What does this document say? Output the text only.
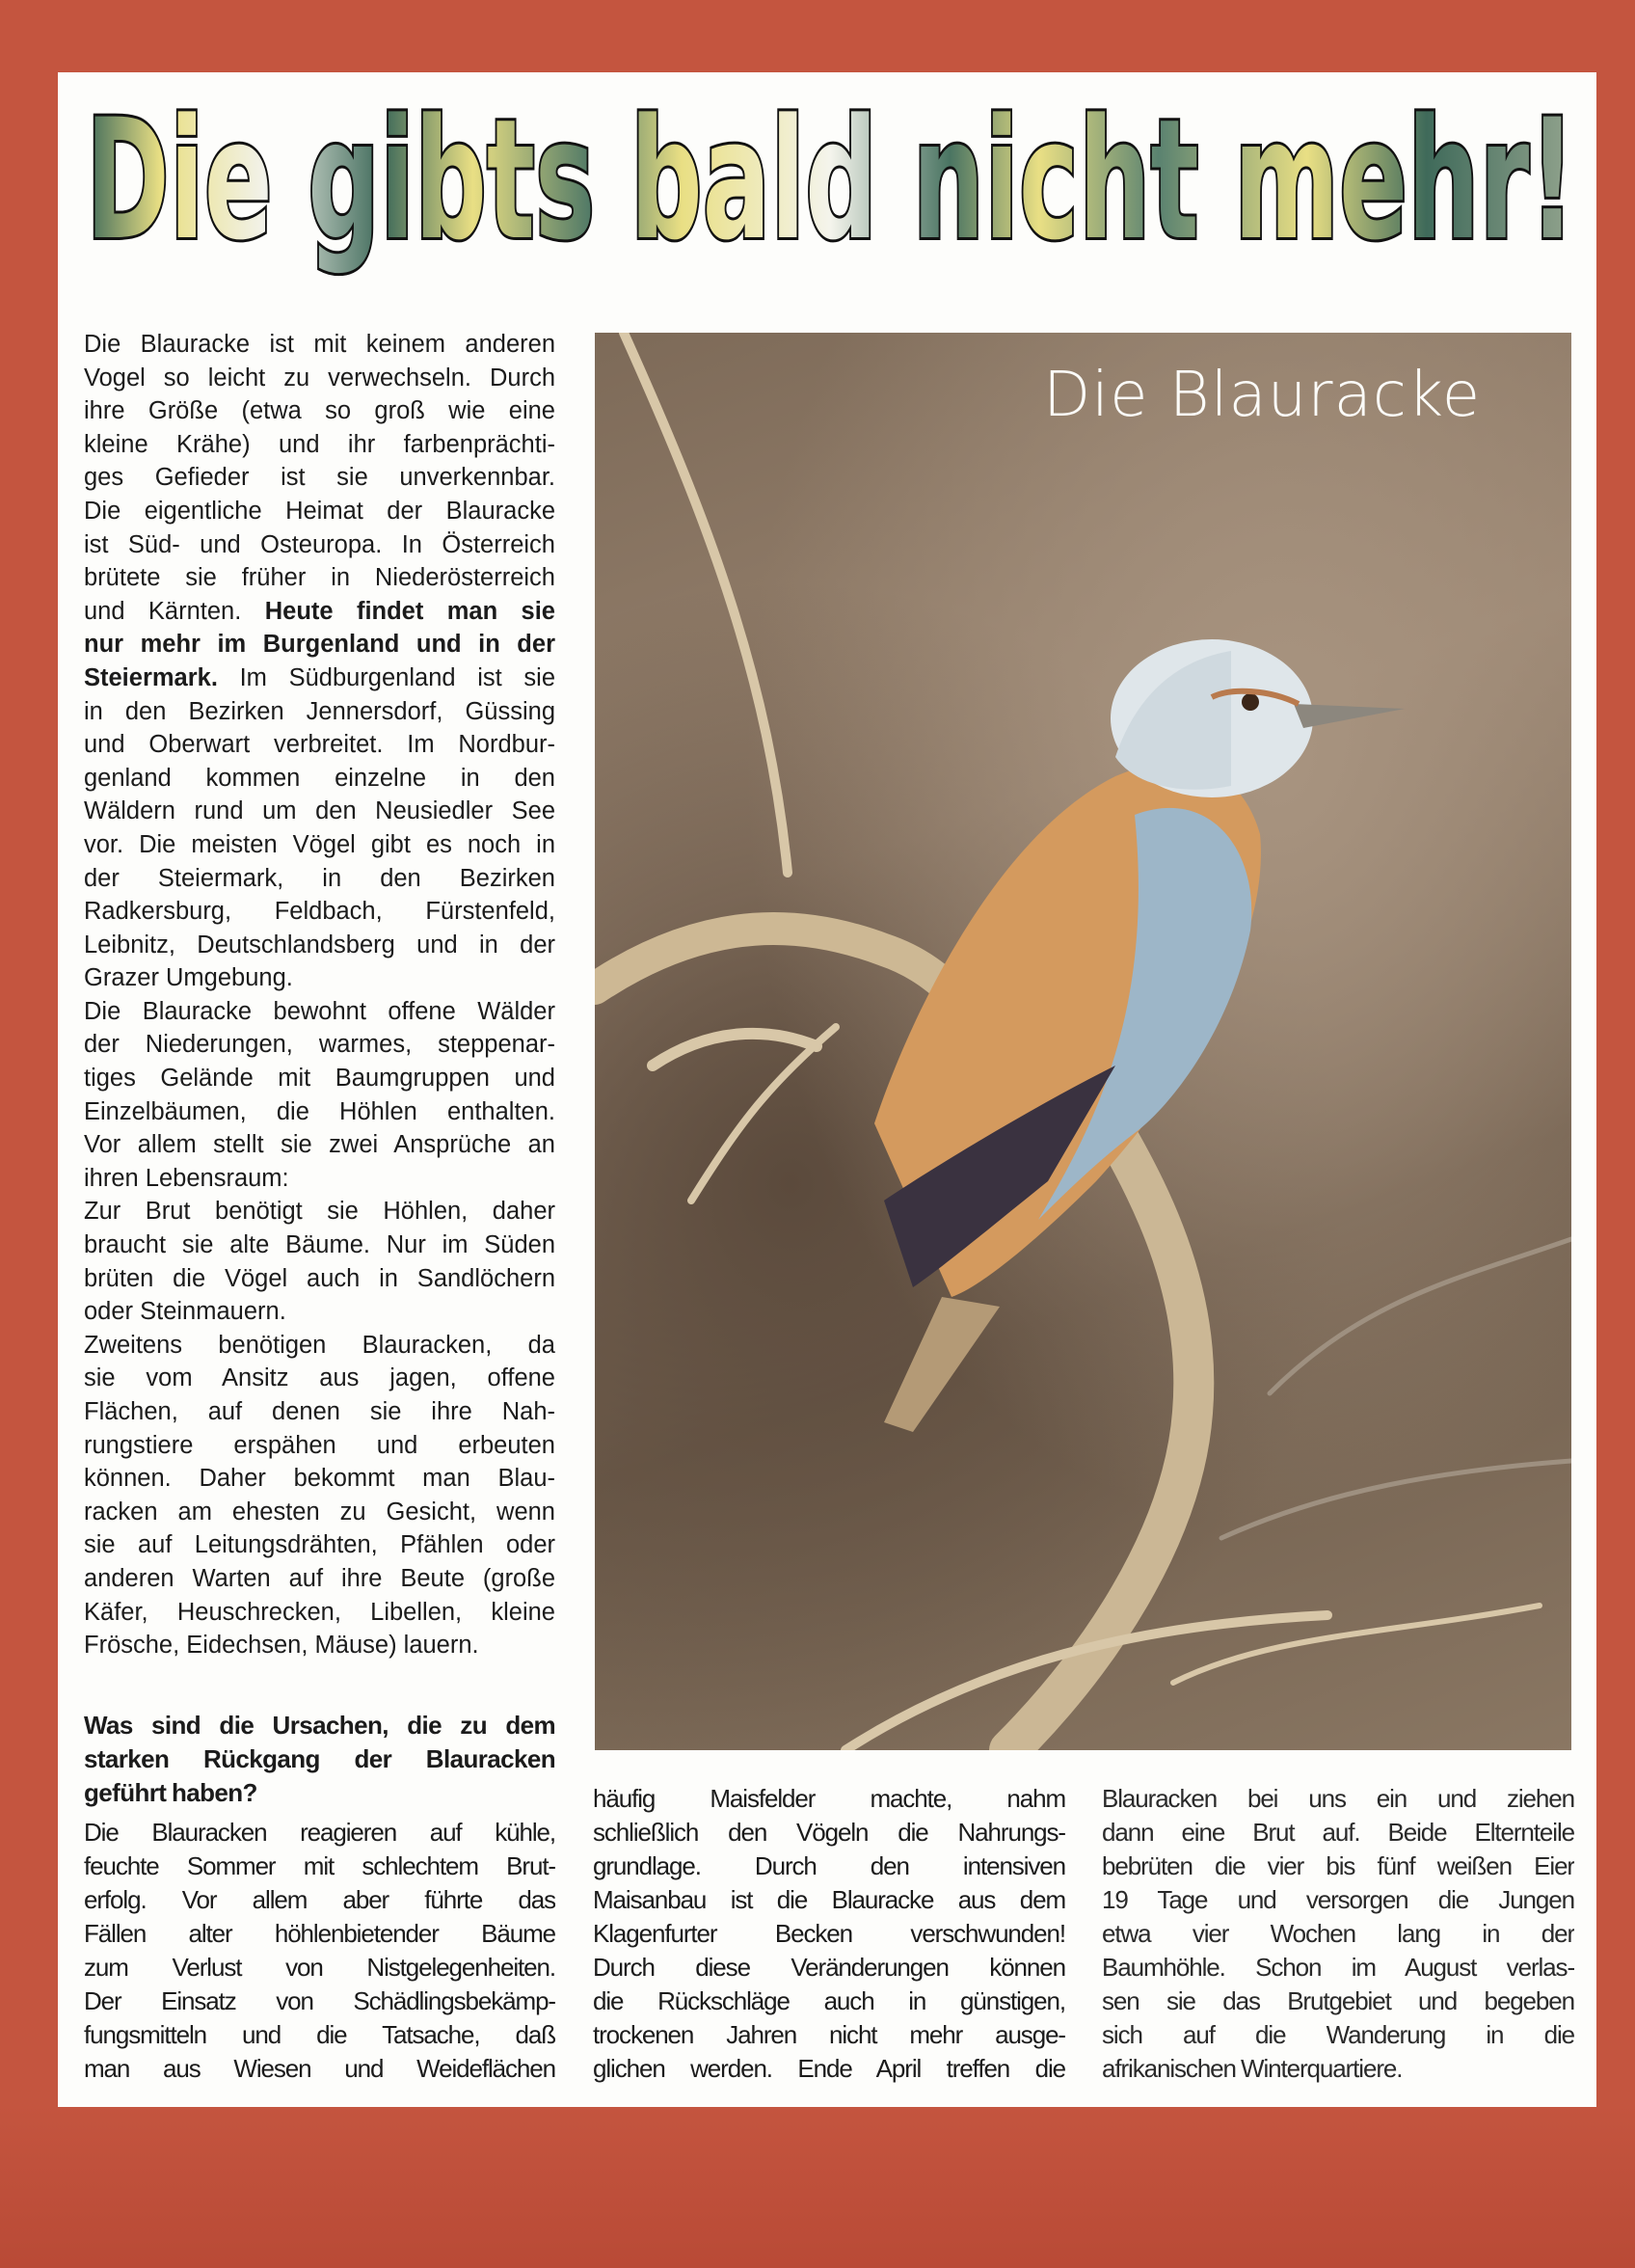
Die gibts bald nicht mehr!
Die Blauracke ist mit keinem anderen
Vogel so leicht zu verwechseln. Durch
ihre Größe (etwa so groß wie eine
kleine Krähe) und ihr farbenprächti-
ges Gefieder ist sie unverkennbar.
Die eigentliche Heimat der Blauracke
ist Süd- und Osteuropa. In Österreich
brütete sie früher in Niederösterreich
und Kärnten. Heute findet man sie
nur mehr im Burgenland und in der
Steiermark. Im Südburgenland ist sie
in den Bezirken Jennersdorf, Güssing
und Oberwart verbreitet. Im Nordbur-
genland kommen einzelne in den
Wäldern rund um den Neusiedler See
vor. Die meisten Vögel gibt es noch in
der Steiermark, in den Bezirken
Radkersburg, Feldbach, Fürstenfeld,
Leibnitz, Deutschlandsberg und in der
Grazer Umgebung.
Die Blauracke bewohnt offene Wälder
der Niederungen, warmes, steppenar-
tiges Gelände mit Baumgruppen und
Einzelbäumen, die Höhlen enthalten.
Vor allem stellt sie zwei Ansprüche an
ihren Lebensraum:
Zur Brut benötigt sie Höhlen, daher
braucht sie alte Bäume. Nur im Süden
brüten die Vögel auch in Sandlöchern
oder Steinmauern.
Zweitens benötigen Blauracken, da
sie vom Ansitz aus jagen, offene
Flächen, auf denen sie ihre Nah-
rungstiere erspähen und erbeuten
können. Daher bekommt man Blau-
racken am ehesten zu Gesicht, wenn
sie auf Leitungsdrähten, Pfählen oder
anderen Warten auf ihre Beute (große
Käfer, Heuschrecken, Libellen, kleine
Frösche, Eidechsen, Mäuse) lauern.
Was sind die Ursachen, die zu dem
starken Rückgang der Blauracken
geführt haben?
Die Blauracken reagieren auf kühle,
feuchte Sommer mit schlechtem Brut-
erfolg. Vor allem aber führte das
Fällen alter höhlenbietender Bäume
zum Verlust von Nistgelegenheiten.
Der Einsatz von Schädlingsbekämp-
fungsmitteln und die Tatsache, daß
man aus Wiesen und Weideflächen
häufig Maisfelder machte, nahm
schließlich den Vögeln die Nahrungs-
grundlage. Durch den intensiven
Maisanbau ist die Blauracke aus dem
Klagenfurter Becken verschwunden!
Durch diese Veränderungen können
die Rückschläge auch in günstigen,
trockenen Jahren nicht mehr ausge-
glichen werden. Ende April treffen die
Blauracken bei uns ein und ziehen
dann eine Brut auf. Beide Elternteile
bebrüten die vier bis fünf weißen Eier
19 Tage und versorgen die Jungen
etwa vier Wochen lang in der
Baumhöhle. Schon im August verlas-
sen sie das Brutgebiet und begeben
sich auf die Wanderung in die
afrikanischen Winterquartiere.
Die Blauracke
